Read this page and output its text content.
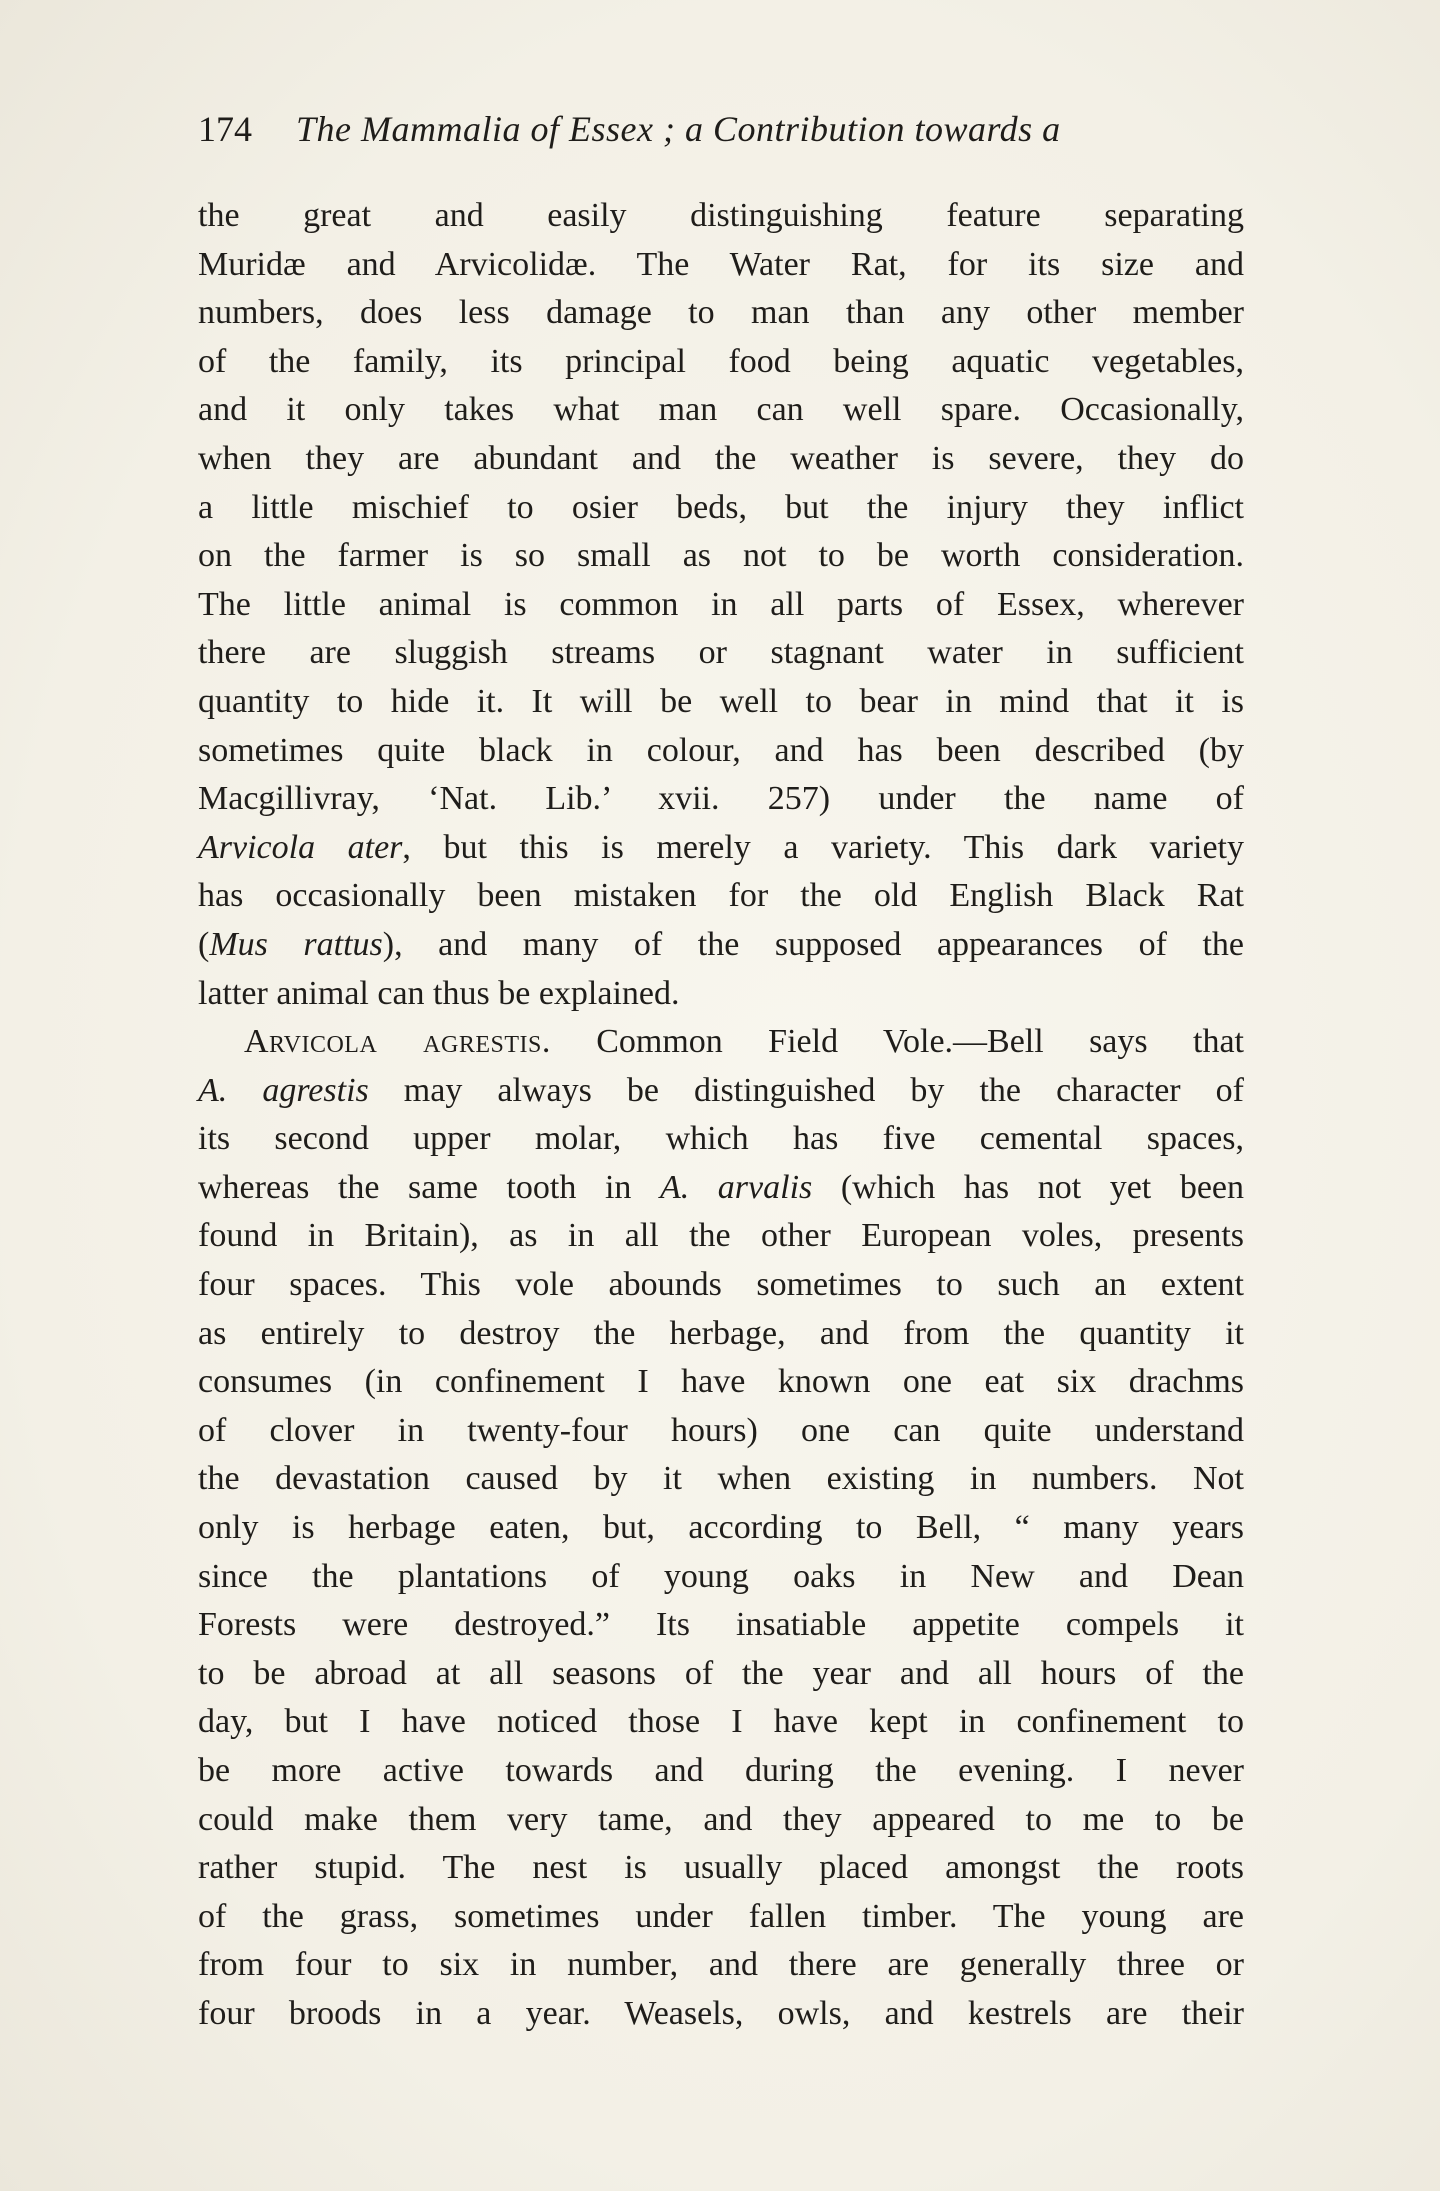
174 The Mammalia of Essex ; a Contribution towards a
the great and easily distinguishing feature separating
Muridæ and Arvicolidæ. The Water Rat, for its size and
numbers, does less damage to man than any other member
of the family, its principal food being aquatic vegetables,
and it only takes what man can well spare. Occasionally,
when they are abundant and the weather is severe, they do
a little mischief to osier beds, but the injury they inflict
on the farmer is so small as not to be worth consideration.
The little animal is common in all parts of Essex, wherever
there are sluggish streams or stagnant water in sufficient
quantity to hide it. It will be well to bear in mind that it is
sometimes quite black in colour, and has been described (by
Macgillivray, ‘Nat. Lib.’ xvii. 257) under the name of
Arvicola ater, but this is merely a variety. This dark variety
has occasionally been mistaken for the old English Black Rat
(Mus rattus), and many of the supposed appearances of the
latter animal can thus be explained.
Arvicola agrestis. Common Field Vole.—Bell says that
A. agrestis may always be distinguished by the character of
its second upper molar, which has five cemental spaces,
whereas the same tooth in A. arvalis (which has not yet been
found in Britain), as in all the other European voles, presents
four spaces. This vole abounds sometimes to such an extent
as entirely to destroy the herbage, and from the quantity it
consumes (in confinement I have known one eat six drachms
of clover in twenty-four hours) one can quite understand
the devastation caused by it when existing in numbers. Not
only is herbage eaten, but, according to Bell, “ many years
since the plantations of young oaks in New and Dean
Forests were destroyed.” Its insatiable appetite compels it
to be abroad at all seasons of the year and all hours of the
day, but I have noticed those I have kept in confinement to
be more active towards and during the evening. I never
could make them very tame, and they appeared to me to be
rather stupid. The nest is usually placed amongst the roots
of the grass, sometimes under fallen timber. The young are
from four to six in number, and there are generally three or
four broods in a year. Weasels, owls, and kestrels are their
